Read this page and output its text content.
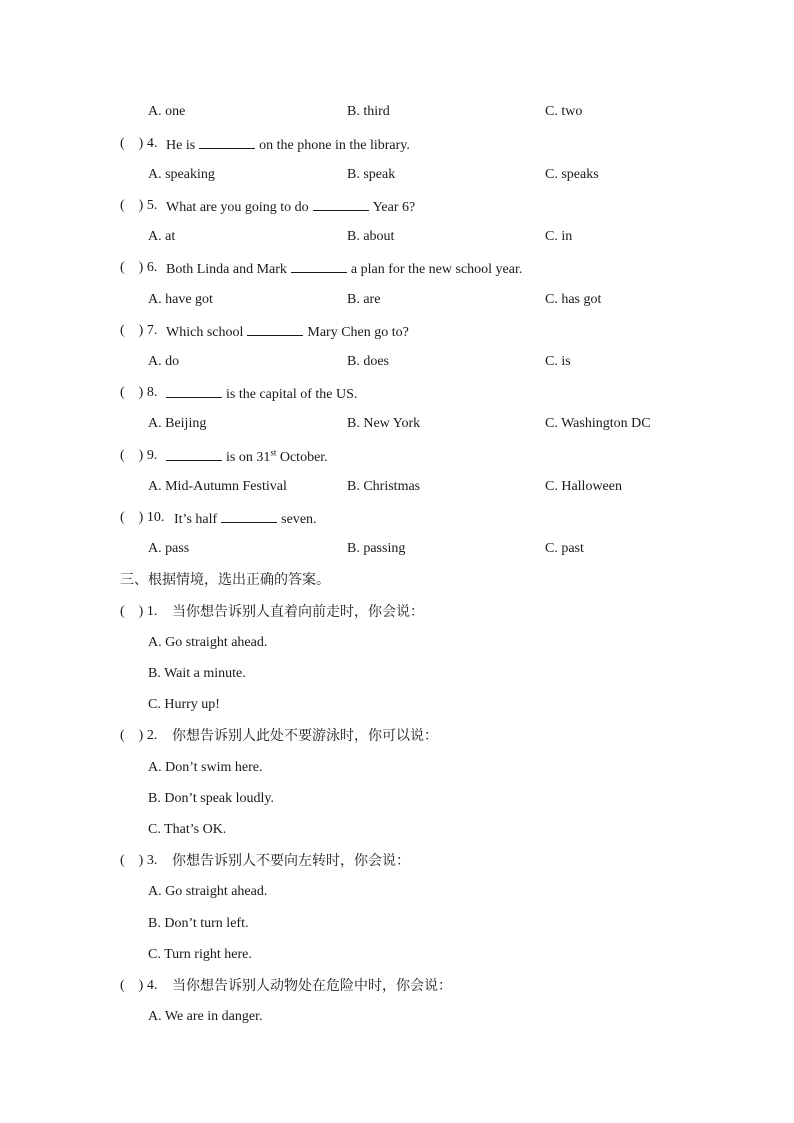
A. one	B. third	C. two
(　) 4. He is	on the phone in the library.
A. speaking	B. speak	C. speaks
(　) 5. What are you going to do	Year 6?
A. at	B. about	C. in
(　) 6. Both Linda and Mark	a plan for the new school year.
A. have got	B. are	C. has got
(　) 7. Which school	Mary Chen go to?
A. do	B. does	C. is
(　) 8.	is the capital of the US.
A. Beijing	B. New York	C. Washington DC
(　) 9.	is on 31st October.
A. Mid-Autumn Festival	B. Christmas	C. Halloween
(　) 10. It’s half	seven.
A. pass	B. passing	C. past
三、根据情境，选出正确的答案。
(　) 1. 当你想告诉别人直着向前走时，你会说：
A. Go straight ahead.
B. Wait a minute.
C. Hurry up!
(　) 2. 你想告诉别人此处不要游泳时，你可以说：
A. Don’t swim here.
B. Don’t speak loudly.
C. That’s OK.
(　) 3. 你想告诉别人不要向左转时，你会说：
A. Go straight ahead.
B. Don’t turn left.
C. Turn right here.
(　) 4. 当你想告诉别人动物处在危险中时，你会说：
A. We are in danger.
